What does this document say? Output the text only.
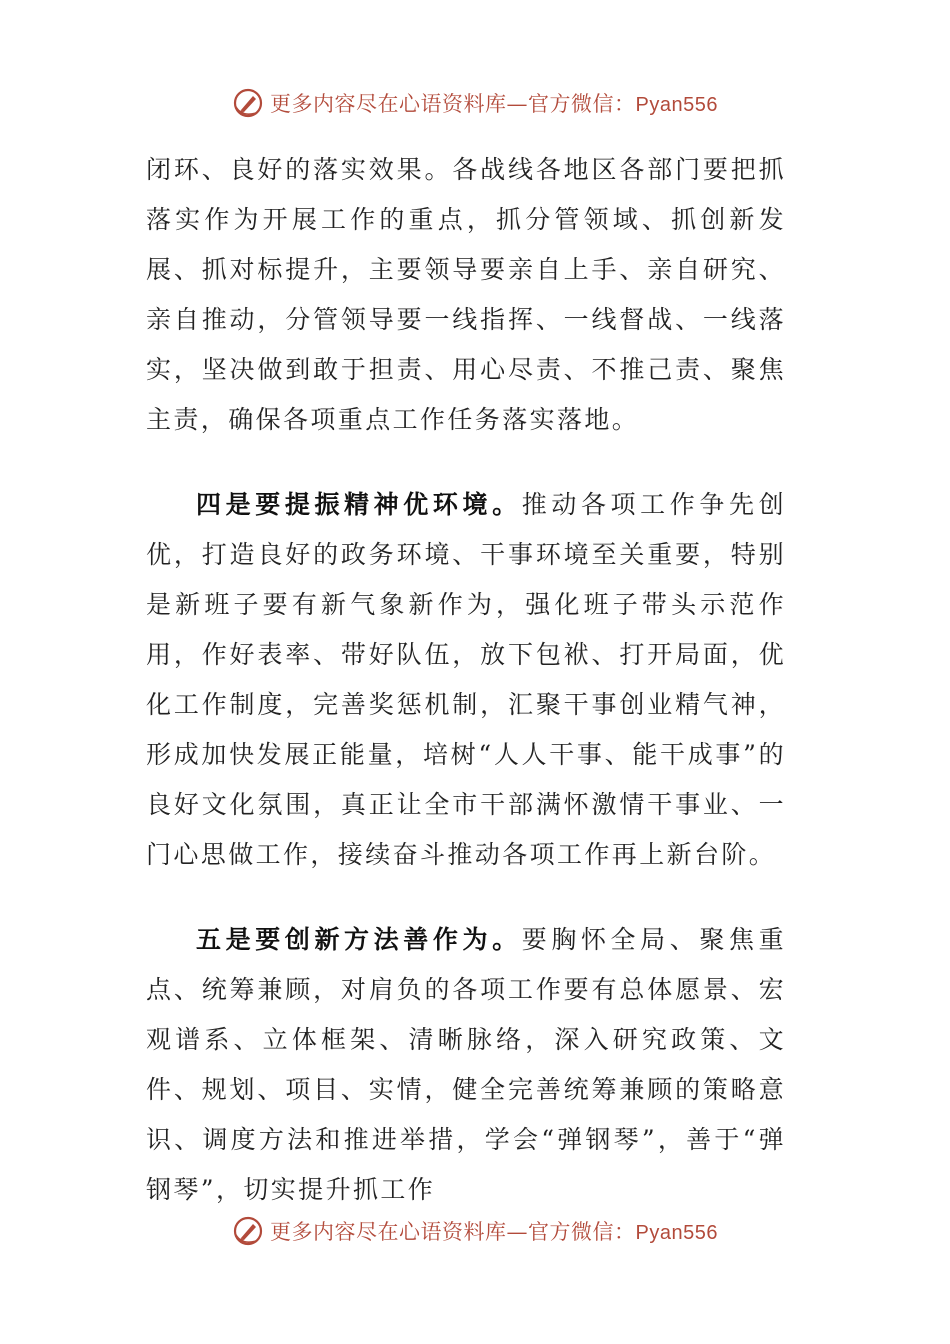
更多内容尽在心语资料库—官方微信：Pyan556

闭环、良好的落实效果。各战线各地区各部门要把抓落实作为开展工作的重点，抓分管领域、抓创新发展、抓对标提升，主要领导要亲自上手、亲自研究、亲自推动，分管领导要一线指挥、一线督战、一线落实，坚决做到敢于担责、用心尽责、不推己责、聚焦主责，确保各项重点工作任务落实落地。

四是要提振精神优环境。推动各项工作争先创优，打造良好的政务环境、干事环境至关重要，特别是新班子要有新气象新作为，强化班子带头示范作用，作好表率、带好队伍，放下包袱、打开局面，优化工作制度，完善奖惩机制，汇聚干事创业精气神，形成加快发展正能量，培树“人人干事、能干成事”的良好文化氛围，真正让全市干部满怀激情干事业、一门心思做工作，接续奋斗推动各项工作再上新台阶。

五是要创新方法善作为。要胸怀全局、聚焦重点、统筹兼顾，对肩负的各项工作要有总体愿景、宏观谱系、立体框架、清晰脉络，深入研究政策、文件、规划、项目、实情，健全完善统筹兼顾的策略意识、调度方法和推进举措，学会“弹钢琴”，善于“弹钢琴”，切实提升抓工作

更多内容尽在心语资料库—官方微信：Pyan556
